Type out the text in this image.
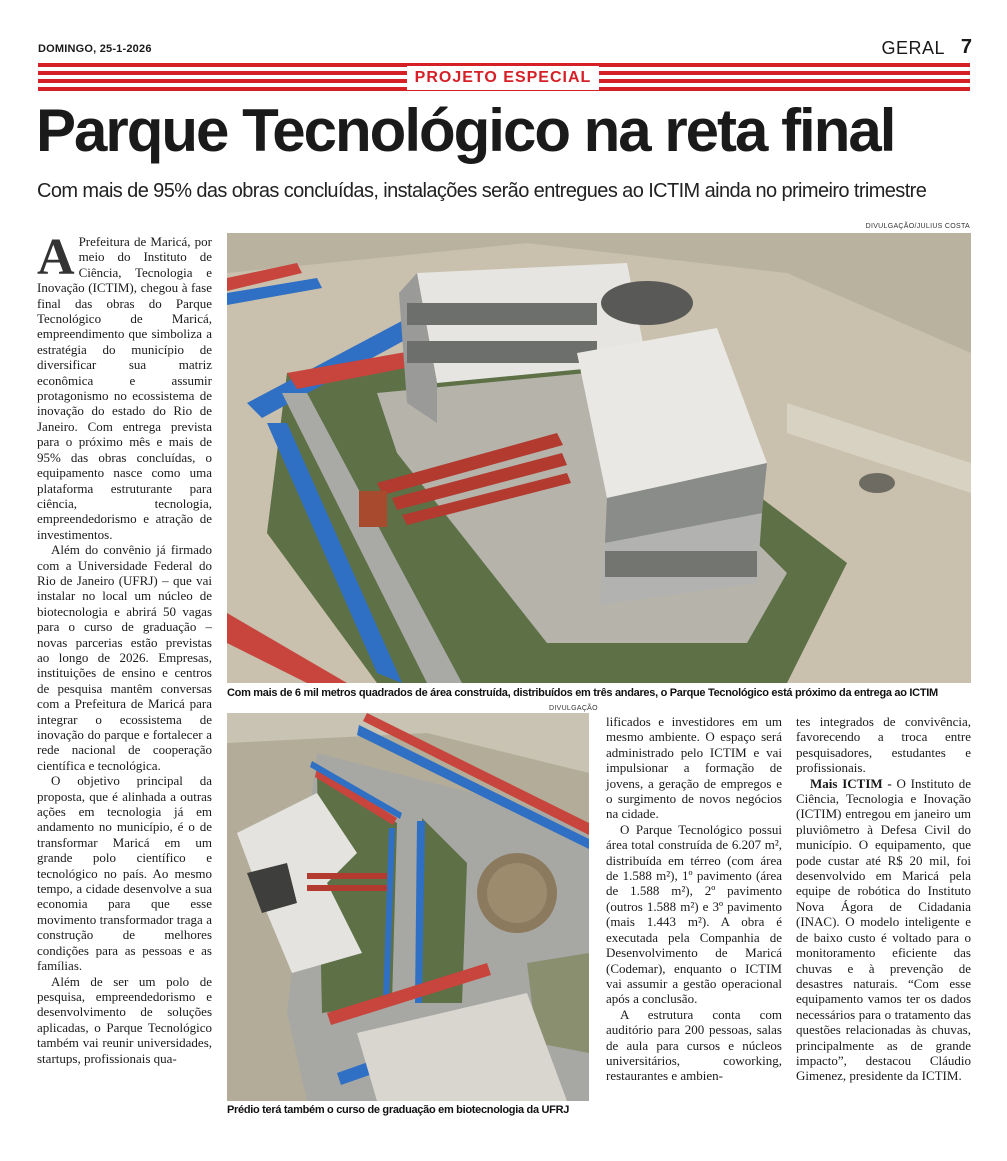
DOMINGO, 25-1-2026	GERAL 7
PROJETO ESPECIAL
Parque Tecnológico na reta final
Com mais de 95% das obras concluídas, instalações serão entregues ao ICTIM ainda no primeiro trimestre
DIVULGAÇÃO/JULIUS COSTA
Com mais de 6 mil metros quadrados de área construída, distribuídos em três andares, o Parque Tecnológico está próximo da entrega ao ICTIM
DIVULGAÇÃO
Prédio terá também o curso de graduação em biotecnologia da UFRJ

A Prefeitura de Maricá, por meio do Instituto de Ciência, Tecnologia e Inovação (ICTIM), chegou à fase final das obras do Parque Tecnológico de Maricá, empreendimento que simboliza a estratégia do município de diversificar sua matriz econômica e assumir protagonismo no ecossistema de inovação do estado do Rio de Janeiro. Com entrega prevista para o próximo mês e mais de 95% das obras concluídas, o equipamento nasce como uma plataforma estruturante para ciência, tecnologia, empreendedorismo e atração de investimentos.

Além do convênio já firmado com a Universidade Federal do Rio de Janeiro (UFRJ) – que vai instalar no local um núcleo de biotecnologia e abrirá 50 vagas para o curso de graduação – novas parcerias estão previstas ao longo de 2026. Empresas, instituições de ensino e centros de pesquisa mantêm conversas com a Prefeitura de Maricá para integrar o ecossistema de inovação do parque e fortalecer a rede nacional de cooperação científica e tecnológica.

O objetivo principal da proposta, que é alinhada a outras ações em tecnologia já em andamento no município, é o de transformar Maricá em um grande polo científico e tecnológico no país. Ao mesmo tempo, a cidade desenvolve a sua economia para que esse movimento transformador traga a construção de melhores condições para as pessoas e as famílias.

Além de ser um polo de pesquisa, empreendedorismo e desenvolvimento de soluções aplicadas, o Parque Tecnológico também vai reunir universidades, startups, profissionais qua-

lificados e investidores em um mesmo ambiente. O espaço será administrado pelo ICTIM e vai impulsionar a formação de jovens, a geração de empregos e o surgimento de novos negócios na cidade.

O Parque Tecnológico possui área total construída de 6.207 m², distribuída em térreo (com área de 1.588 m²), 1º pavimento (área de 1.588 m²), 2º pavimento (outros 1.588 m²) e 3º pavimento (mais 1.443 m²). A obra é executada pela Companhia de Desenvolvimento de Maricá (Codemar), enquanto o ICTIM vai assumir a gestão operacional após a conclusão.

A estrutura conta com auditório para 200 pessoas, salas de aula para cursos e núcleos universitários, coworking, restaurantes e ambien-

tes integrados de convivência, favorecendo a troca entre pesquisadores, estudantes e profissionais.

Mais ICTIM - O Instituto de Ciência, Tecnologia e Inovação (ICTIM) entregou em janeiro um pluviômetro à Defesa Civil do município. O equipamento, que pode custar até R$ 20 mil, foi desenvolvido em Maricá pela equipe de robótica do Instituto Nova Ágora de Cidadania (INAC). O modelo inteligente e de baixo custo é voltado para o monitoramento eficiente das chuvas e à prevenção de desastres naturais. “Com esse equipamento vamos ter os dados necessários para o tratamento das questões relacionadas às chuvas, principalmente as de grande impacto”, destacou Cláudio Gimenez, presidente da ICTIM.
